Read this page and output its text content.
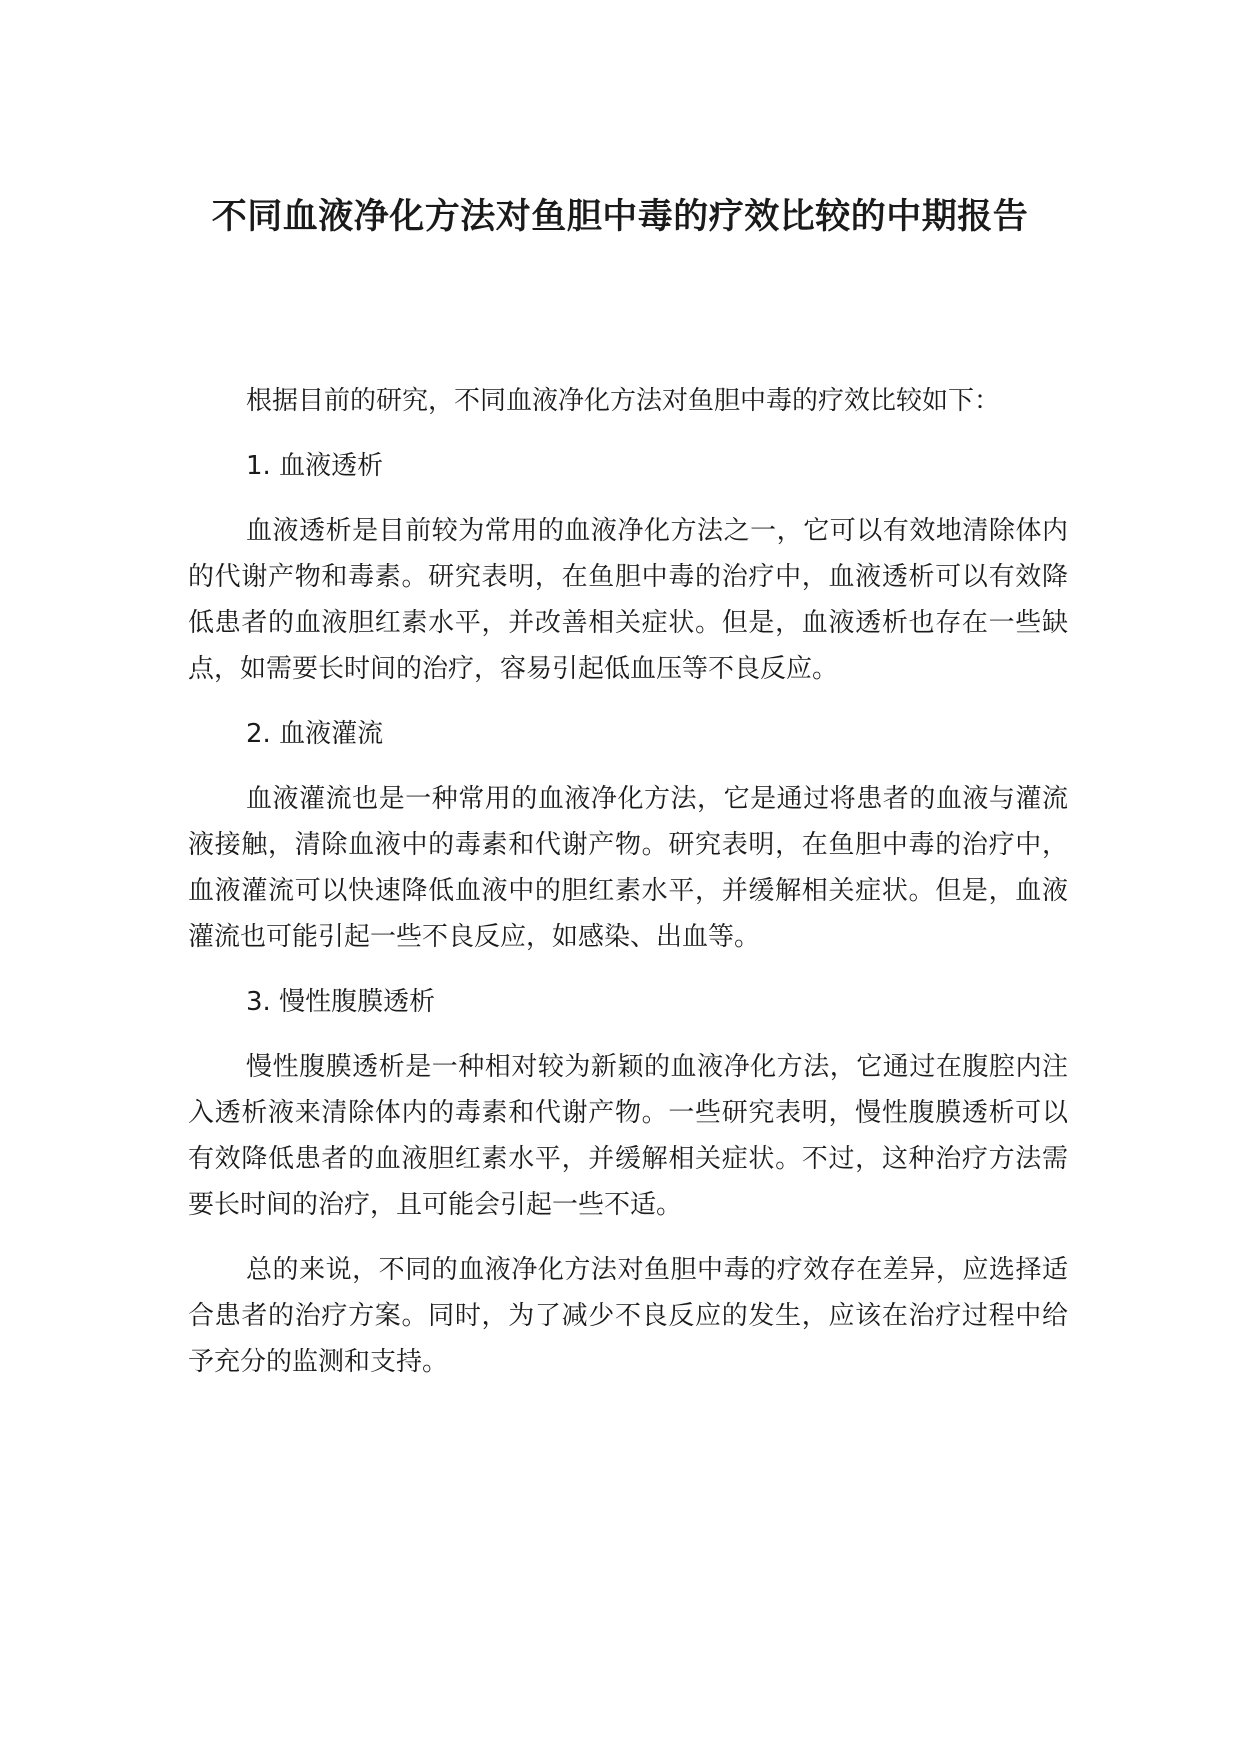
不同血液净化方法对鱼胆中毒的疗效比较的中期报告

根据目前的研究，不同血液净化方法对鱼胆中毒的疗效比较如下：

1. 血液透析

血液透析是目前较为常用的血液净化方法之一，它可以有效地清除体内的代谢产物和毒素。研究表明，在鱼胆中毒的治疗中，血液透析可以有效降低患者的血液胆红素水平，并改善相关症状。但是，血液透析也存在一些缺点，如需要长时间的治疗，容易引起低血压等不良反应。

2. 血液灌流

血液灌流也是一种常用的血液净化方法，它是通过将患者的血液与灌流液接触，清除血液中的毒素和代谢产物。研究表明，在鱼胆中毒的治疗中，血液灌流可以快速降低血液中的胆红素水平，并缓解相关症状。但是，血液灌流也可能引起一些不良反应，如感染、出血等。

3. 慢性腹膜透析

慢性腹膜透析是一种相对较为新颖的血液净化方法，它通过在腹腔内注入透析液来清除体内的毒素和代谢产物。一些研究表明，慢性腹膜透析可以有效降低患者的血液胆红素水平，并缓解相关症状。不过，这种治疗方法需要长时间的治疗，且可能会引起一些不适。

总的来说，不同的血液净化方法对鱼胆中毒的疗效存在差异，应选择适合患者的治疗方案。同时，为了减少不良反应的发生，应该在治疗过程中给予充分的监测和支持。
